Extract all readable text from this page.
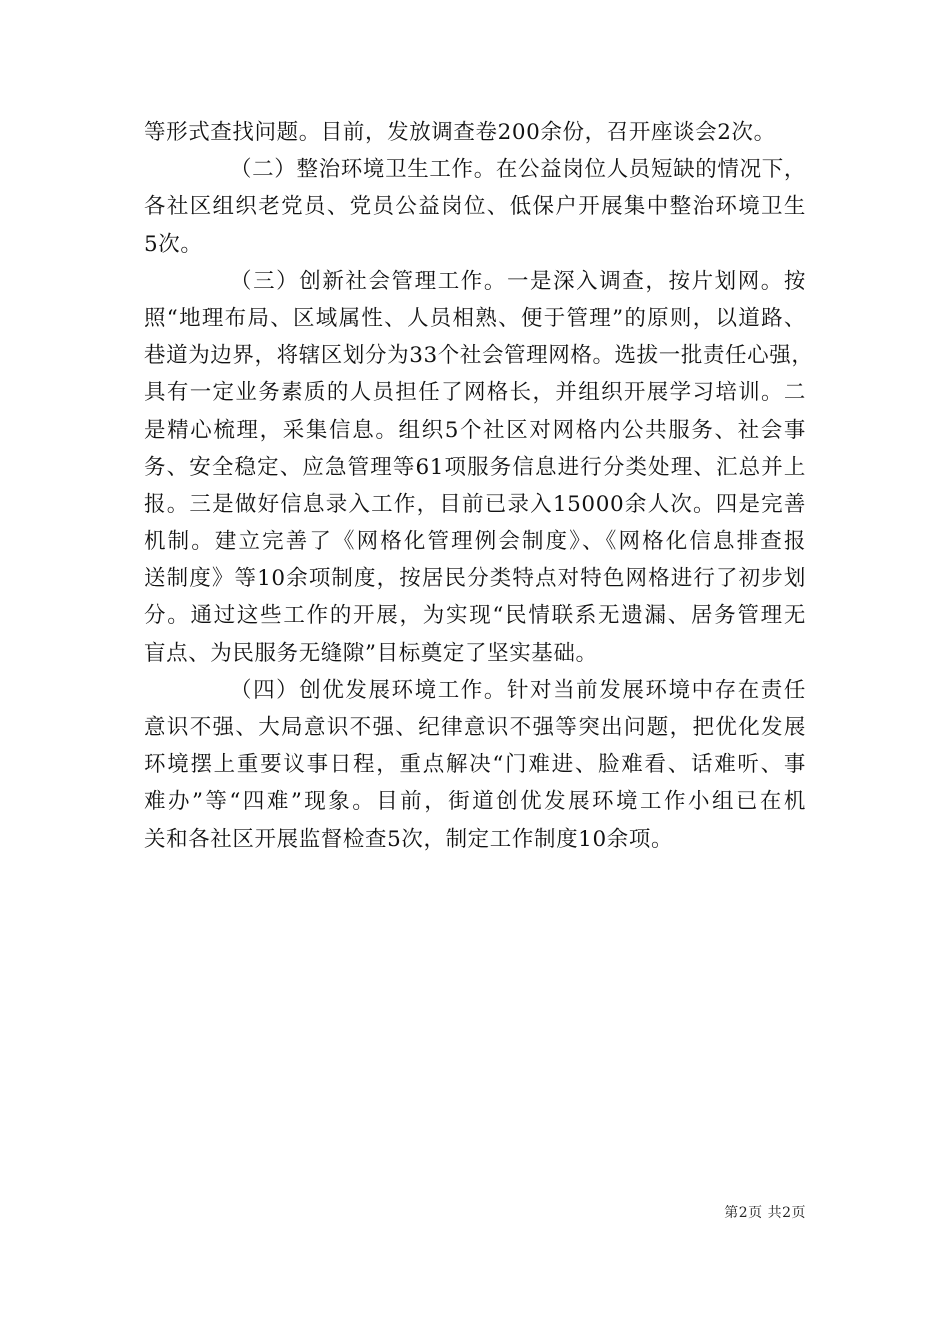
等形式查找问题。目前，发放调查卷200余份，召开座谈会2次。
（二）整治环境卫生工作。在公益岗位人员短缺的情况下，
各社区组织老党员、党员公益岗位、低保户开展集中整治环境卫生
5次。
（三）创新社会管理工作。一是深入调查，按片划网。按
照“地理布局、区域属性、人员相熟、便于管理”的原则，以道路、
巷道为边界，将辖区划分为33个社会管理网格。选拔一批责任心强，
具有一定业务素质的人员担任了网格长，并组织开展学习培训。二
是精心梳理，采集信息。组织5个社区对网格内公共服务、社会事
务、安全稳定、应急管理等61项服务信息进行分类处理、汇总并上
报。三是做好信息录入工作，目前已录入15000余人次。四是完善
机制。建立完善了《网格化管理例会制度》、《网格化信息排查报
送制度》等10余项制度，按居民分类特点对特色网格进行了初步划
分。通过这些工作的开展，为实现“民情联系无遗漏、居务管理无
盲点、为民服务无缝隙”目标奠定了坚实基础。
（四）创优发展环境工作。针对当前发展环境中存在责任
意识不强、大局意识不强、纪律意识不强等突出问题，把优化发展
环境摆上重要议事日程，重点解决“门难进、脸难看、话难听、事
难办”等“四难”现象。目前，街道创优发展环境工作小组已在机
关和各社区开展监督检查5次，制定工作制度10余项。
第2页 共2页
